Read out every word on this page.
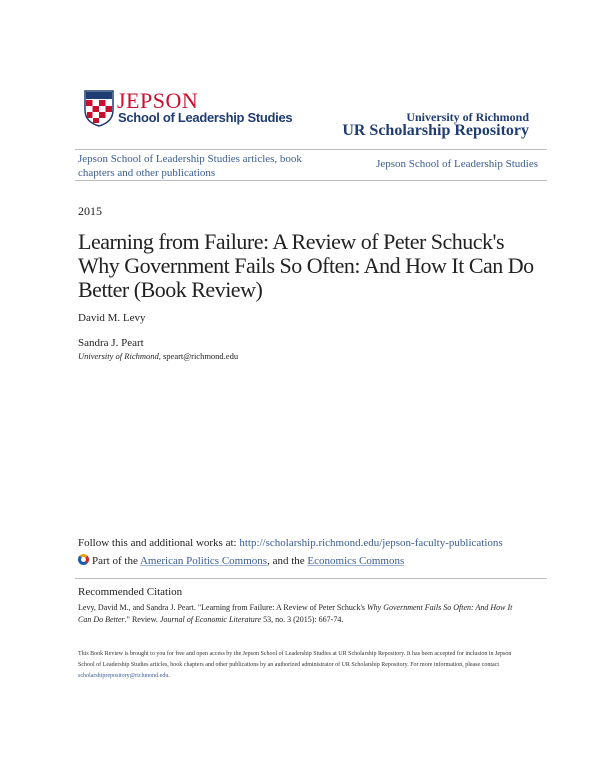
JEPSON
School of Leadership Studies	University of Richmond
UR Scholarship Repository
Jepson School of Leadership Studies articles, book chapters and other publications
Jepson School of Leadership Studies
2015
Learning from Failure: A Review of Peter Schuck's Why Government Fails So Often: And How It Can Do Better (Book Review)
David M. Levy
Sandra J. Peart
University of Richmond, speart@richmond.edu
Follow this and additional works at: http://scholarship.richmond.edu/jepson-faculty-publications
Part of the American Politics Commons, and the Economics Commons
Recommended Citation
Levy, David M., and Sandra J. Peart. "Learning from Failure: A Review of Peter Schuck's Why Government Fails So Often: And How It Can Do Better." Review. Journal of Economic Literature 53, no. 3 (2015): 667-74.
This Book Review is brought to you for free and open access by the Jepson School of Leadership Studies at UR Scholarship Repository. It has been accepted for inclusion in Jepson School of Leadership Studies articles, book chapters and other publications by an authorized administrator of UR Scholarship Repository. For more information, please contact scholarshiprepository@richmond.edu.
